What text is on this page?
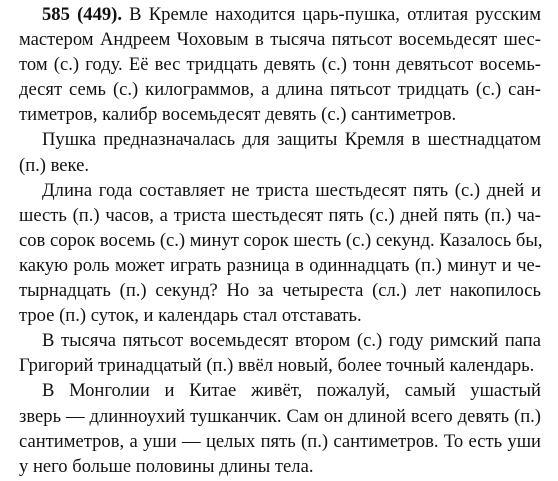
585 (449). В Кремле находится царь-пушка, отлитая русским
мастером Андреем Чоховым в тысяча пятьсот восемьдесят шес-
том (с.) году. Её вес тридцать девять (с.) тонн девятьсот восемь-
десят семь (с.) килограммов, а длина пятьсот тридцать (с.) сан-
тиметров, калибр восемьдесят девять (с.) сантиметров.
Пушка предназначалась для защиты Кремля в шестнадцатом
(п.) веке.
Длина года составляет не триста шестьдесят пять (с.) дней и
шесть (п.) часов, а триста шестьдесят пять (с.) дней пять (п.) ча-
сов сорок восемь (с.) минут сорок шесть (с.) секунд. Казалось бы,
какую роль может играть разница в одиннадцать (п.) минут и че-
тырнадцать (п.) секунд? Но за четыреста (сл.) лет накопилось
трое (п.) суток, и календарь стал отставать.
В тысяча пятьсот восемьдесят втором (с.) году римский папа
Григорий тринадцатый (п.) ввёл новый, более точный календарь.
В Монголии и Китае живёт, пожалуй, самый ушастый
зверь — длинноухий тушканчик. Сам он длиной всего девять (п.)
сантиметров, а уши — целых пять (п.) сантиметров. То есть уши
у него больше половины длины тела.
